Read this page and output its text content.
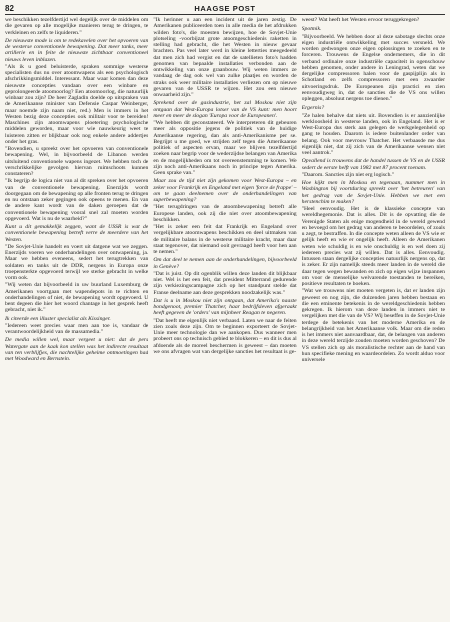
82	HAAGSE POST

we beschikken tezelfdertijd wel degelijk over de middelen om die gevaren op alle mogelijke manieren terug te dringen, te verkleinen en zelfs te liquideren."

De nieuwste mode is om te redekavelen over het opvoeren van de westerse conventionele bewapening. Dat meer tanks, meer artillerie en in feite de nieuwste zichtbaar conventioneel nieuws leven inblazen.

"Als ik u goed beluisterde, spraken sommige westerse specialisten dus nu over atoomwapens als een psychologisch afschrikkingsmiddel. Interessant. Maar waar komen dan deze nieuwste concepties vandaan over een winbare en geprolongeerde atoomoorlog? Een atoomoorlog, die natuurlijk winbaar zou zijn? De heer Zagladin doelde op uitspraken van de Amerikaanse minister van Defensie Caspar Weinberger, maar noemde zijn naam niet, red.) Men is immers in het Westen bezig deze concepties ook militair voor te bereiden! Maschines zijn atoomwapens ploetering psychologische middelen geworden, maar voor wie nauwkeurig weet te luisteren zitten er blijkbaar ook nog enkele andere addertjes onder het gras.

"Bovendien, u spreekt over het opvoeren van conventionele bewapening. Wel, in bijvoorbeeld de Libanon werden uitsluitend conventionele wapens ingezet. We hebben toch de verschrikkelijke gevolgen hiervan ruimschoots kunnen constateren?

"Ik begrijp de logica niet van al dit spreken over het opvoeren van de conventionele bewapening. Enerzijds wordt doorgegaan om de bewapening op alle fronten terug te dringen en nu ontstaan zeker gegingen ook opeens te menen. En van de andere kant wordt van de daken geroepen dat de conventionele bewapening vooral snel zal moeten worden opgevoerd. Wat is nu de waarheid?"

Kunt u dit gemakkelijk zeggen, want de USSR is wat de conventionele bewapening betreft verre de meerdere van het Westen.

"De Sovjet-Unie handelt en voert uit datgene wat we zeggen. Enerzijds voeren we onderhandelingen over ontwapening, ja. Maar we hebben eveneens, sedert het terugtrekken van soldaten en tanks uit de DDR, nergens in Europa onze troepensterkte opgevoerd terwijl we sterke gebracht in welke vorm ook.

"Wij weten dat bijvoorbeeld in uw buurland Luxemburg de Amerikanen voortgaan met wapendepots in te richten en onderhandelingen of niet, de bewapening wordt opgevoerd. U bent degeen die hier het woord chantage in het gesprek heeft gebracht, niet ik."

Ik citeerde een illuster specialist als Kissinger.

"Iedereen weet precies waar men aan toe is, vandaar de verantwoordelijkheid van de massamedia."

De media willen wel, maar vergeet u niet: dat de pers Watergate aan de kaak kon stellen was het indirecte resultaat van ten verblijfjes, die nachtelijke geheime ontmoetingen had met Woodward en Bernstein.

"Ik herinner u aan een incident uit de jaren zestig. De Amerikanen publiceerden toen in alle media de het afdrukken wilden foto's, die moesten bewijzen, hoe de Sovjet-Unie plotseling -voorbijzat grote atoomgeschiedenis raketten in stelling had gebracht, die het Westen in nieuw gevaar brachten. Pas veel later werd in kleine letterties meegedeeld dat men zich had vergist en dat de satellieten foto's hadden genomen van bepaalde installaties verbonden aan de ontwikkeling van onze graanbouw. Wij weten immers ze vandaag de dag ook wel van zulke plaatjes en worden de straks ook weer militaire installaties verliezen om op nieuwe gevaren van de USSR te wijzen. Het zou een nieuwe onwaarheid zijn."

Sprekend over de gasindustrie, het zal Moskou niet zijn ontgaan dat West-Europa lotser van de VS kunt: men hoort meer en meer de slogan 'Europa voor de Europeanen'.

"We hebben dit geconstateerd. We interpreteren dit gebeuren meer als oppositie jegens de politiek van de huidige Amerikaanse regering, dan als anti-Amerikanisme per se. Begrijpt u me goed, we strijden zelf tegen die Amerikaanse politiek of aspecten ervan, maar we blijven tezelfdertijd zoeken naar begrip voor de wederzijdse belangen van Amerika en de mogelijkheden om tot overeenstemming te komen. We zijn noch anti-Amerikaans noch in principe tegen Amerika. Geen sprake van."

Maar zou de tijd niet zijn gekomen voor West-Europa – en zeker voor Frankrijk en Engeland met eigen 'force de frappe' – om te gaan deelnemen over de onderhandelingen van superbewapening?

"Het terugdringen van de atoombewapening betreft alle Europese landen, ook zij die niet over atoombewapening beschikken.

"Het is zeker een feit dat Frankrijk en Engeland over vergelijkbare atoomwapens beschikken en deel uitmaken van de militaire balans in de westerse militaire kracht, maar daar staat tegenover, dat niemand ooit gevraagd heeft voor hen aan te nemen."

Om dat deel te nemen aan de onderhandelingen, bijvoorbeeld in Genève?

"Dat is juist. Op dit ogenblik willen deze landen dit blijkbaar niet. Wel is het een feit, dat president Mitterrand gedurende zijn verkiezingscampagne zich op het standpunt stelde dat Franse deelname aan deze gesprekken noodzakelijk was."

Dat is u in Moskou niet zijn ontgaan, dat Amerika's naaste bondgenoot, premier Thatcher, haar bedrijfsleven afgeraakt heeft gegeven de 'orders' van mijnheer Reagan te negeren.

"Dat heeft me eigenlijk niet verbaasd. Laten we naar de feiten zien zoals deze zijn. Om te beginnen exporteert de Sovjet-Unie meer technologie dan we aankopen. Dus wanneer men probeert ons op technisch gebied te blokkeren – en dit is dus al afdoende als de moreel beschermen is geweest – dan moeten we ons afvragen wat van dergelijke sancties het resultaat is ge-

weest? Wat heeft het Westen ervoor teruggekregen?

Spotmik.

"Bijvoorbeeld. We hebben door al deze sabotage slechts onze eigen industriële ontwikkeling met succes versneld. We worden gedwongen onze eigen oplossingen te zoeken en te forceren. Trouwens de Engelse ondernemers, die in dit verband ordinaire onze industriële capaciteit in ogenschouw hebben genomen, onder andere in Leningrad, weten dat we dergelijke compressoren halen voor de gaspijplijn als in Schotland en zelfs compressoren met een zwaarder uitvoeringsdruk. De Europeanen zijn practici en zien eenvoudigweg in, dat de sancties die de VS ons willen opleggen, absoluut nergens toe dienen."

Ergernis?

"Ze halen behalve dat niets uit. Bovendien is er aanzienlijke werkloosheid in westerse landen, ook in Engeland. Het is er West-Europa dus sterk aan gelegen de werkgelegenheid op gang te houden. Daarom is iedere buitenlander order van belang. Ook voor mevrouw Thatcher. Het verbaasde me dus eigenlijk niet, dat zij zich van de Amerikaanse wensen niet veel aantrok."

Opvallend is trouwens dat de handel tussen de VS en de USSR sedert de eerste helft van 1982 met 87 procent toenam.

"Daarom. Sancties zijn niet erg logisch."

Hoe kijkt men in Moskou en tegenaan, nummer men in Washington bij voortduring spreekt over 'het betreuren' van het gedrag van de Sovjet-Unie. Hebben we met een herstenchim te maken?

"Heel eenvoudig. Het is de klassieke concepte van wereldhegemonie. Dat is alles. Dit is de opvatting die de Verenigde Staten als enige mogendheid in de wereld gewend en bevoegd om het gedrag van anderen te beoordelen, of zoals u zegt, te bestraffen. In die concepte weten alleen de VS wie er gelijk heeft en wie er ongelijk heeft. Alleen de Amerikanen weten wie schuldig is en wie onschuldig is en wel doen zij iedereen precies wat zij willen. Dat is alles. Eenvoudig. Intussen staan dergelijke concepties natuurlijk nergens op, dat is zeker. Er zijn namelijk steeds meer landen in de wereld die daar tegen wegen bewanden en zich op eigen wijze inspannen om voor de menselijke welvarende toestanden te bereiken, positieve resultaten te boeken.

"Wat we trouwens niet moeten vergeten is, dat er landen zijn geweest en nog zijn, die duizenden jaren hebben bestaan en die een eminente betekenis in de wereldgeschiedenis hebben gekregen. Ik hierom van deze landen in immers niet te vergelijken met die van de VS? Wij beseffen in de Sovjet-Unie terdege de betekenis van het moderne Amerika en de belangrijkheid van het Amerikaanse volk. Maar om die reden is het immers niet aanvaardbaar, dat, de belangen van anderen in deze wereld terzijde zouden moeten worden geschoven? De VS stellen zich op als moralistische rechter aan de hand van hun specifieke mening en waardeordelen. Zo wordt alduo voor universele
